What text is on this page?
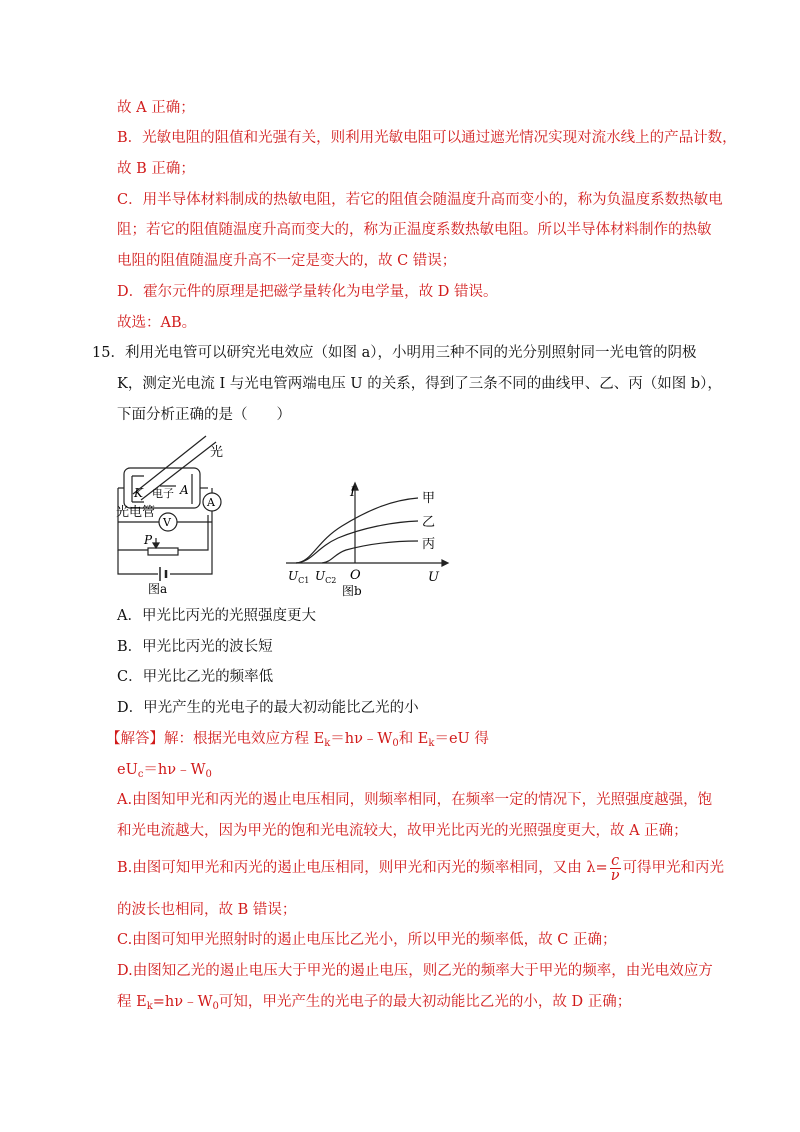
故 A 正确；
B．光敏电阻的阻值和光强有关，则利用光敏电阻可以通过遮光情况实现对流水线上的产品计数，
故 B 正确；
C．用半导体材料制成的热敏电阻，若它的阻值会随温度升高而变小的，称为负温度系数热敏电
阻；若它的阻值随温度升高而变大的，称为正温度系数热敏电阻。所以半导体材料制作的热敏
电阻的阻值随温度升高不一定是变大的，故 C 错误；
D．霍尔元件的原理是把磁学量转化为电学量，故 D 错误。
故选：AB。
15． 利用光电管可以研究光电效应（如图 a），小明用三种不同的光分别照射同一光电管的阴极
K，测定光电流 I 与光电管两端电压 U 的关系，得到了三条不同的曲线甲、乙、丙（如图 b），
下面分析正确的是（　　）
光
K 电子 A
光电管
A
V
P
图a
I
U
O
$U_{C1}$ $U_{C2}$
甲
乙
丙
图b
A．甲光比丙光的光照强度更大
B．甲光比丙光的波长短
C．甲光比乙光的频率低
D．甲光产生的光电子的最大初动能比乙光的小
【解答】解：根据光电效应方程 $E_k=h\nu﹣W_0$和 $E_k=eU$ 得
$eU_c=h\nu﹣W_0$
A.由图知甲光和丙光的遏止电压相同，则频率相同，在频率一定的情况下，光照强度越强，饱
和光电流越大，因为甲光的饱和光电流较大，故甲光比丙光的光照强度更大，故 A 正确；
B.由图可知甲光和丙光的遏止电压相同，则甲光和丙光的频率相同，又由 $\lambda= \frac{c}{\nu}$ 可得甲光和丙光
的波长也相同，故 B 错误；
C.由图可知甲光照射时的遏止电压比乙光小，所以甲光的频率低，故 C 正确；
D.由图知乙光的遏止电压大于甲光的遏止电压，则乙光的频率大于甲光的频率，由光电效应方
程 $E_k=h\nu﹣W_0$可知，甲光产生的光电子的最大初动能比乙光的小，故 D 正确；
